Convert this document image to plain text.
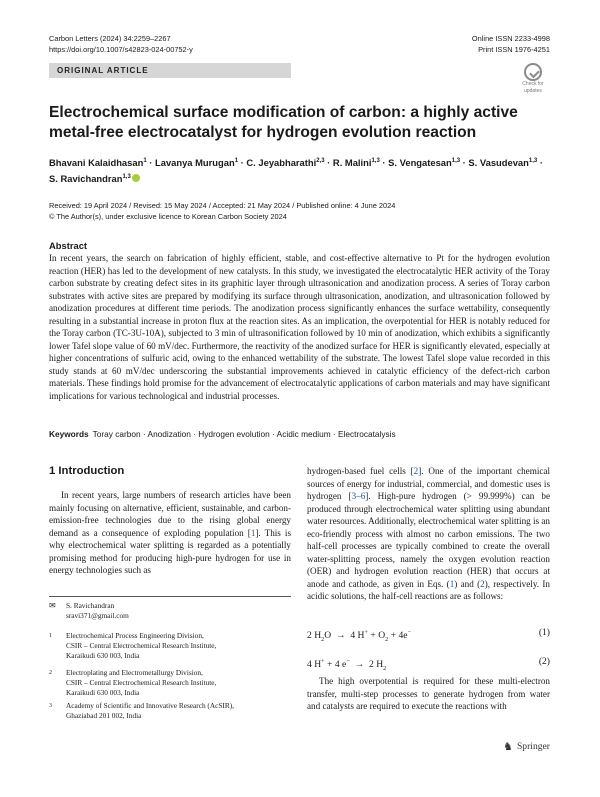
Carbon Letters (2024) 34:2259–2267
https://doi.org/10.1007/s42823-024-00752-y
Online ISSN 2233-4998
Print ISSN 1976-4251
ORIGINAL ARTICLE
Check for
updates
Electrochemical surface modification of carbon: a highly active metal-free electrocatalyst for hydrogen evolution reaction
Bhavani Kalaidhasan$^1$ · Lavanya Murugan$^1$ · C. Jeyabharathi$^{2,3}$ · R. Malini$^{1,3}$ · S. Vengatesan$^{1,3}$ · S. Vasudevan$^{1,3}$ ·
S. Ravichandran$^{1,3}$
Received: 19 April 2024 / Revised: 15 May 2024 / Accepted: 21 May 2024 / Published online: 4 June 2024
© The Author(s), under exclusive licence to Korean Carbon Society 2024
Abstract
In recent years, the search on fabrication of highly efficient, stable, and cost-effective alternative to Pt for the hydrogen evolution reaction (HER) has led to the development of new catalysts. In this study, we investigated the electrocatalytic HER activity of the Toray carbon substrate by creating defect sites in its graphitic layer through ultrasonication and anodization process. A series of Toray carbon substrates with active sites are prepared by modifying its surface through ultrasonication, anodization, and ultrasonication followed by anodization procedures at different time periods. The anodization process significantly enhances the surface wettability, consequently resulting in a substantial increase in proton flux at the reaction sites. As an implication, the overpotential for HER is notably reduced for the Toray carbon (TC-3U-10A), subjected to 3 min of ultrasonification followed by 10 min of anodization, which exhibits a significantly lower Tafel slope value of 60 mV/dec. Furthermore, the reactivity of the anodized surface for HER is significantly elevated, especially at higher concentrations of sulfuric acid, owing to the enhanced wettability of the substrate. The lowest Tafel slope value recorded in this study stands at 60 mV/dec underscoring the substantial improvements achieved in catalytic efficiency of the defect-rich carbon materials. These findings hold promise for the advancement of electrocatalytic applications of carbon materials and may have significant implications for various technological and industrial processes.
Keywords Toray carbon · Anodization · Hydrogen evolution · Acidic medium · Electrocatalysis
1 Introduction

In recent years, large numbers of research articles have been mainly focusing on alternative, efficient, sustainable, and carbon-emission-free technologies due to the rising global energy demand as a consequence of exploding population [1]. This is why electrochemical water splitting is regarded as a potentially promising method for producing high-pure hydrogen for use in energy technologies such as

✉	S. Ravichandran
sravi371@gmail.com
1	Electrochemical Process Engineering Division,
CSIR – Central Electrochemical Research Institute,
Karaikudi 630 003, India
2	Electroplating and Electrometallurgy Division,
CSIR – Central Electrochemical Research Institute,
Karaikudi 630 003, India
3	Academy of Scientific and Innovative Research (AcSIR),
Ghaziabad 201 002, India

hydrogen-based fuel cells [2]. One of the important chemical sources of energy for industrial, commercial, and domestic uses is hydrogen [3–6]. High-pure hydrogen (> 99.999%) can be produced through electrochemical water splitting using abundant water resources. Additionally, electrochemical water splitting is an eco-friendly process with almost no carbon emissions. The two half-cell processes are typically combined to create the overall water-splitting process, namely the oxygen evolution reaction (OER) and hydrogen evolution reaction (HER) that occurs at anode and cathode, as given in Eqs. (1) and (2), respectively. In acidic solutions, the half-cell reactions are as follows:

2 $H_2O \to 4$ $H^+ + O_2 + 4e^-$	(1)
4 H+ + 4 e− → 2 $H_2$
(2)

The high overpotential is required for these multi-electron transfer, multi-step processes to generate hydrogen from water and catalysts are required to execute the reactions with

♞ Springer
